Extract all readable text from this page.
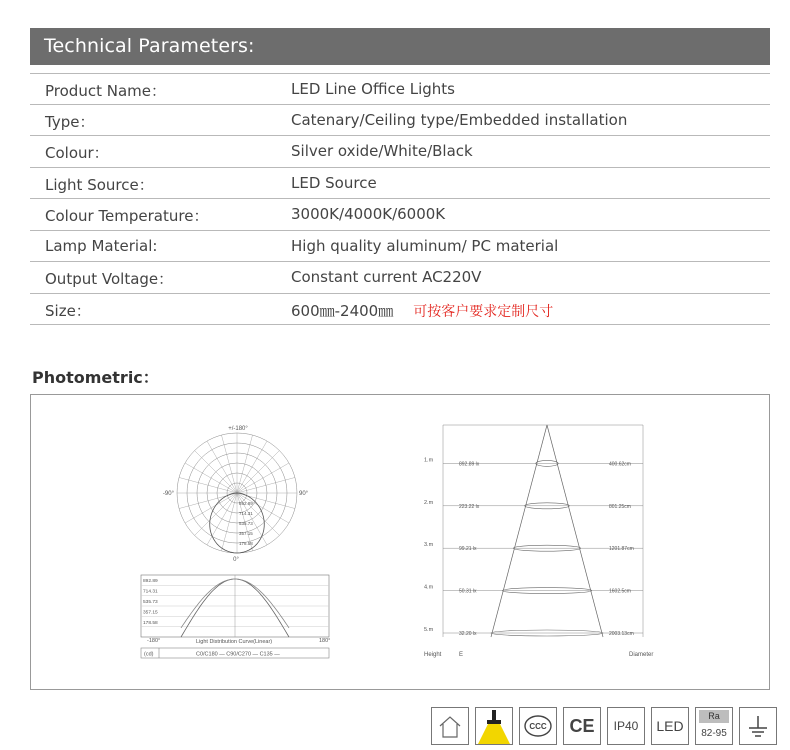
Technical Parameters:
Product Name：	LED Line Office Lights
Type：	Catenary/Ceiling type/Embedded installation
Colour：	Silver oxide/White/Black
Light Source：	LED Source
Colour Temperature：	3000K/4000K/6000K
Lamp Material:	High quality aluminum/ PC material
Output Voltage：	Constant current AC220V
Size：	600㎜-2400㎜ 可按客户要求定制尺寸
Photometric：
892.89
714.31
535.73
357.15
178.58
+/-180°
-90°	90°
0°
892.89
714.31
535.73
357.15
178.58
-180°	180°
Light Distribution Curve(Linear)
(cd)	C0/C180 — C90/C270 — C135 —
1.m
892.89 lx	400.62cm
2.m
223.22 lx	801.25cm
3.m
99.21 lx	1201.87cm
4.m
50.31 lx	1602.5cm
5.m
32.20 lx	2003.13cm
Height	E	Diameter
CCC CE IP40 LED
Ra
82-95
